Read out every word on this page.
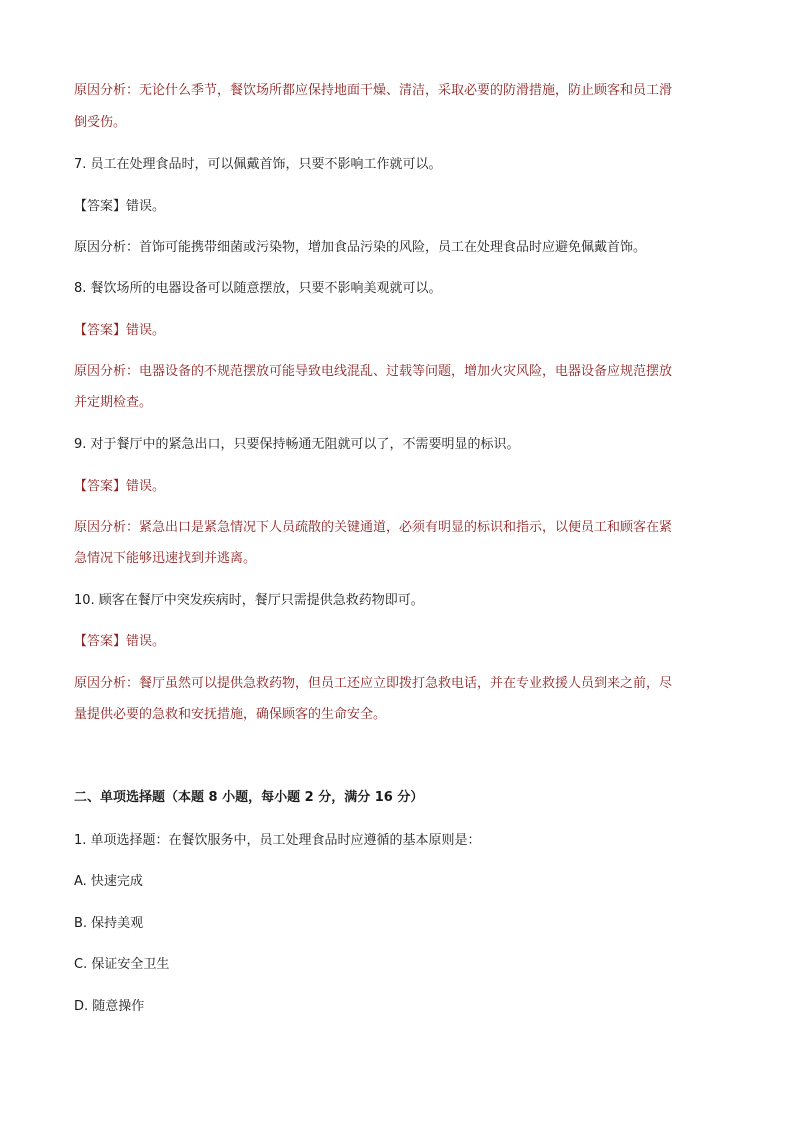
原因分析：无论什么季节，餐饮场所都应保持地面干燥、清洁，采取必要的防滑措施，防止顾客和员工滑
倒受伤。
7. 员工在处理食品时，可以佩戴首饰，只要不影响工作就可以。
【答案】错误。
原因分析：首饰可能携带细菌或污染物，增加食品污染的风险，员工在处理食品时应避免佩戴首饰。
8. 餐饮场所的电器设备可以随意摆放，只要不影响美观就可以。
【答案】错误。
原因分析：电器设备的不规范摆放可能导致电线混乱、过载等问题，增加火灾风险，电器设备应规范摆放
并定期检查。
9. 对于餐厅中的紧急出口，只要保持畅通无阻就可以了，不需要明显的标识。
【答案】错误。
原因分析：紧急出口是紧急情况下人员疏散的关键通道，必须有明显的标识和指示，以便员工和顾客在紧
急情况下能够迅速找到并逃离。
10. 顾客在餐厅中突发疾病时，餐厅只需提供急救药物即可。
【答案】错误。
原因分析：餐厅虽然可以提供急救药物，但员工还应立即拨打急救电话，并在专业救援人员到来之前，尽
量提供必要的急救和安抚措施，确保顾客的生命安全。
二、单项选择题（本题 8 小题，每小题 2 分，满分 16 分）
1. 单项选择题：在餐饮服务中，员工处理食品时应遵循的基本原则是：
A. 快速完成
B. 保持美观
C. 保证安全卫生
D. 随意操作
